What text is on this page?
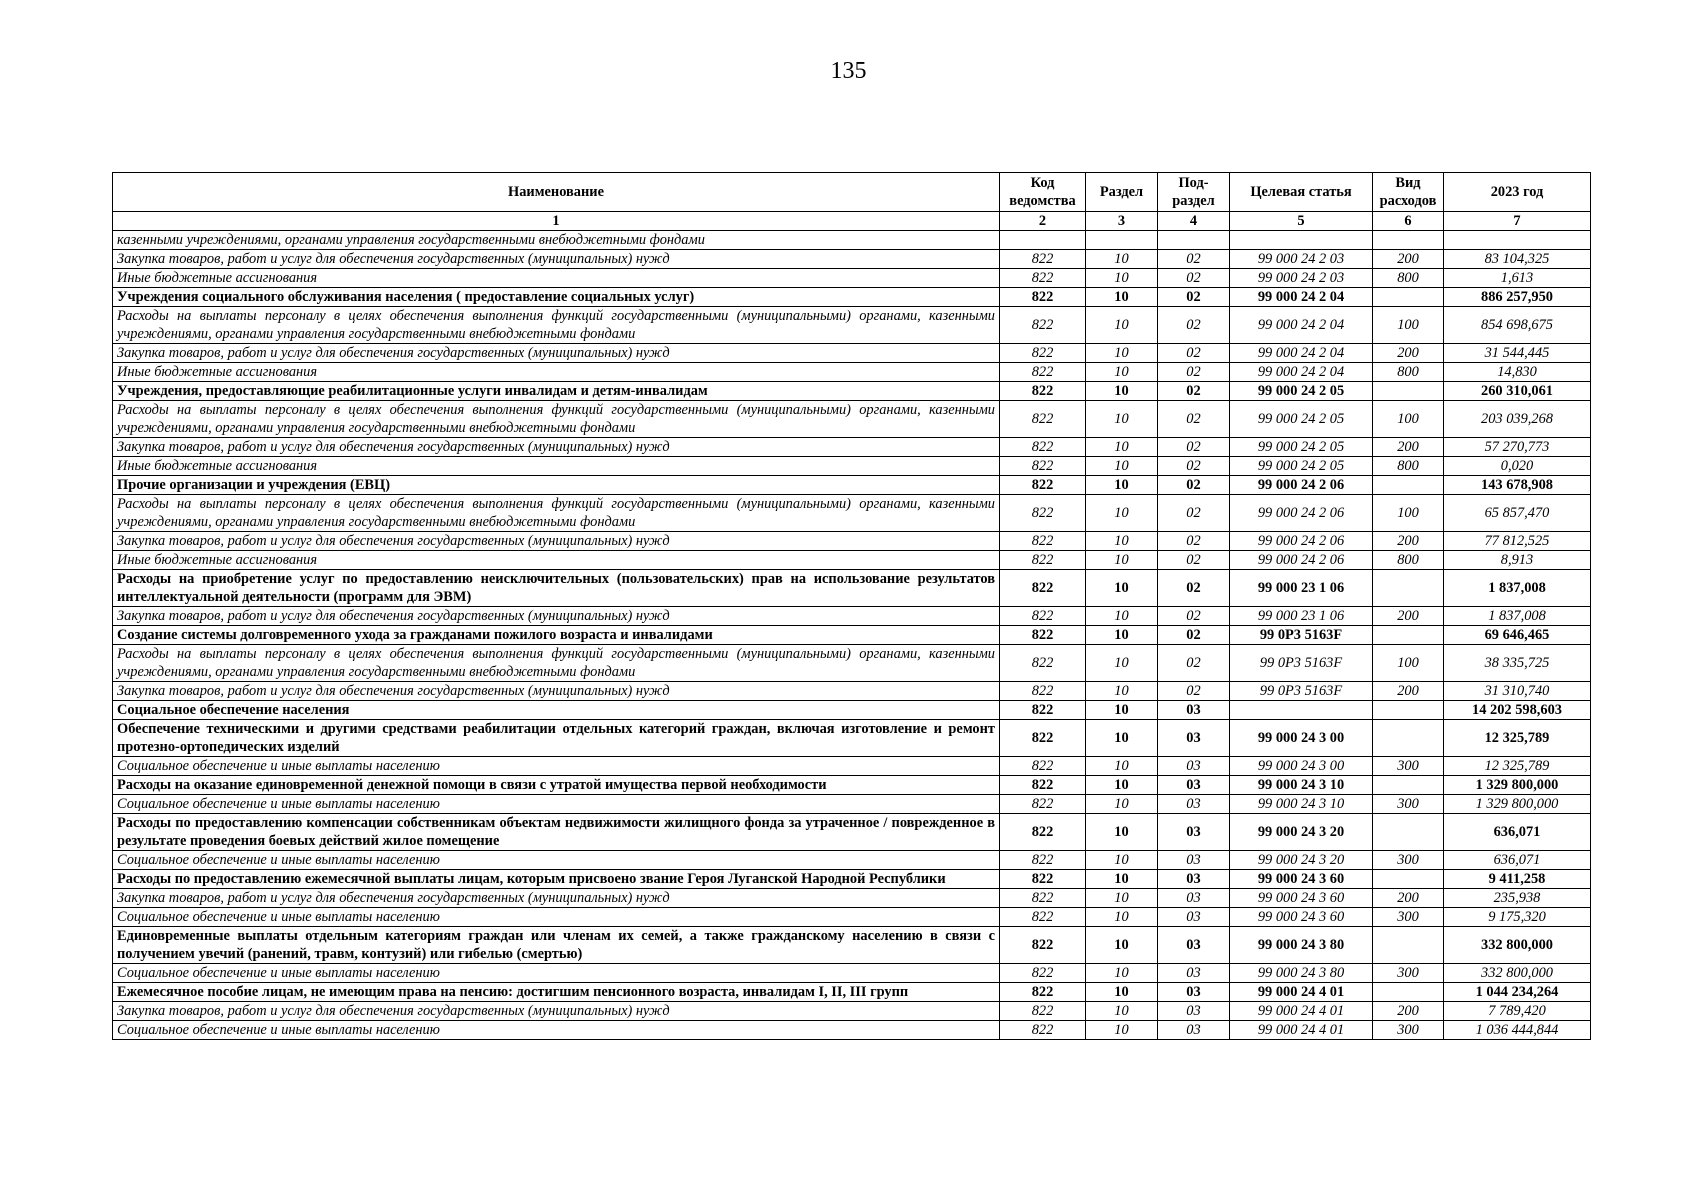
135
Наименование	Код ведомства	Раздел	Под-раздел	Целевая статья	Вид расходов	2023 год
1	2	3	4	5	6	7
казенными учреждениями, органами управления государственными внебюджетными фондами						
Закупка товаров, работ и услуг для обеспечения государственных (муниципальных) нужд	822	10	02	99 000 24 2 03	200	83 104,325
Иные бюджетные ассигнования	822	10	02	99 000 24 2 03	800	1,613
Учреждения социального обслуживания населения ( предоставление социальных услуг)	822	10	02	99 000 24 2 04		886 257,950
Расходы на выплаты персоналу в целях обеспечения выполнения функций государственными (муниципальными) органами, казенными учреждениями, органами управления государственными внебюджетными фондами	822	10	02	99 000 24 2 04	100	854 698,675
Закупка товаров, работ и услуг для обеспечения государственных (муниципальных) нужд	822	10	02	99 000 24 2 04	200	31 544,445
Иные бюджетные ассигнования	822	10	02	99 000 24 2 04	800	14,830
Учреждения, предоставляющие реабилитационные услуги инвалидам и детям-инвалидам	822	10	02	99 000 24 2 05		260 310,061
Расходы на выплаты персоналу в целях обеспечения выполнения функций государственными (муниципальными) органами, казенными учреждениями, органами управления государственными внебюджетными фондами	822	10	02	99 000 24 2 05	100	203 039,268
Закупка товаров, работ и услуг для обеспечения государственных (муниципальных) нужд	822	10	02	99 000 24 2 05	200	57 270,773
Иные бюджетные ассигнования	822	10	02	99 000 24 2 05	800	0,020
Прочие организации и учреждения (ЕВЦ)	822	10	02	99 000 24 2 06		143 678,908
Расходы на выплаты персоналу в целях обеспечения выполнения функций государственными (муниципальными) органами, казенными учреждениями, органами управления государственными внебюджетными фондами	822	10	02	99 000 24 2 06	100	65 857,470
Закупка товаров, работ и услуг для обеспечения государственных (муниципальных) нужд	822	10	02	99 000 24 2 06	200	77 812,525
Иные бюджетные ассигнования	822	10	02	99 000 24 2 06	800	8,913
Расходы на приобретение услуг по предоставлению неисключительных (пользовательских) прав на использование результатов интеллектуальной деятельности (программ для ЭВМ)	822	10	02	99 000 23 1 06		1 837,008
Закупка товаров, работ и услуг для обеспечения государственных (муниципальных) нужд	822	10	02	99 000 23 1 06	200	1 837,008
Создание системы долговременного ухода за гражданами пожилого возраста и инвалидами	822	10	02	99 0Р3 5163F		69 646,465
Расходы на выплаты персоналу в целях обеспечения выполнения функций государственными (муниципальными) органами, казенными учреждениями, органами управления государственными внебюджетными фондами	822	10	02	99 0Р3 5163F	100	38 335,725
Закупка товаров, работ и услуг для обеспечения государственных (муниципальных) нужд	822	10	02	99 0Р3 5163F	200	31 310,740
Социальное обеспечение населения	822	10	03			14 202 598,603
Обеспечение техническими и другими средствами реабилитации отдельных категорий граждан, включая изготовление и ремонт протезно-ортопедических изделий	822	10	03	99 000 24 3 00		12 325,789
Социальное обеспечение и иные выплаты населению	822	10	03	99 000 24 3 00	300	12 325,789
Расходы на оказание единовременной денежной помощи в связи с утратой имущества первой необходимости	822	10	03	99 000 24 3 10		1 329 800,000
Социальное обеспечение и иные выплаты населению	822	10	03	99 000 24 3 10	300	1 329 800,000
Расходы по предоставлению компенсации собственникам объектам недвижимости жилищного фонда за утраченное / поврежденное в результате проведения боевых действий жилое помещение	822	10	03	99 000 24 3 20		636,071
Социальное обеспечение и иные выплаты населению	822	10	03	99 000 24 3 20	300	636,071
Расходы по предоставлению ежемесячной выплаты лицам, которым присвоено звание Героя Луганской Народной Республики	822	10	03	99 000 24 3 60		9 411,258
Закупка товаров, работ и услуг для обеспечения государственных (муниципальных) нужд	822	10	03	99 000 24 3 60	200	235,938
Социальное обеспечение и иные выплаты населению	822	10	03	99 000 24 3 60	300	9 175,320
Единовременные выплаты отдельным категориям граждан или членам их семей, а также гражданскому населению в связи с получением увечий (ранений, травм, контузий) или гибелью (смертью)	822	10	03	99 000 24 3 80		332 800,000
Социальное обеспечение и иные выплаты населению	822	10	03	99 000 24 3 80	300	332 800,000
Ежемесячное пособие лицам, не имеющим права на пенсию: достигшим пенсионного возраста, инвалидам I, II, III групп	822	10	03	99 000 24 4 01		1 044 234,264
Закупка товаров, работ и услуг для обеспечения государственных (муниципальных) нужд	822	10	03	99 000 24 4 01	200	7 789,420
Социальное обеспечение и иные выплаты населению	822	10	03	99 000 24 4 01	300	1 036 444,844
